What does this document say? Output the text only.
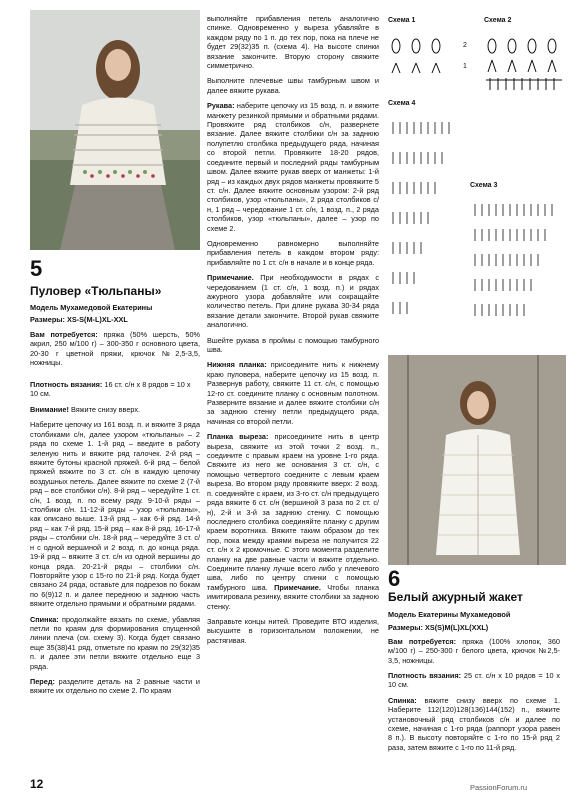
5
Пуловер «Тюльпаны»
Модель Мухамедовой Екатерины
Размеры: XS-S(M-L)XL-XXL
Вам потребуется: пряжа (50% шерсть, 50% акрил, 250 м/100 г) – 300-350 г основного цвета, 20-30 г цветной пряжи, крючок №2,5-3,5, ножницы.
Плотность вязания: 16 ст. с/н х 8 рядов = 10 х 10 см.

Внимание! Вяжите снизу вверх.

Наберите цепочку из 161 возд. п. и вяжите 3 ряда столбиками с/н, далее узором «тюльпаны» – 2 ряда по схеме 1. 1-й ряд – введите в работу зеленую нить и вяжите ряд галочек. 2-й ряд – вяжите бутоны красной пряжей. 6-й ряд – белой пряжей вяжите по 3 ст. с/н в каждую цепочку воздушных петель. Далее вяжите по схеме 2 (7-й ряд – все столбики с/н). 8-й ряд – чередуйте 1 ст. с/н, 1 возд. п. по всему ряду. 9-10-й ряды – столбики с/н. 11-12-й ряды – узор «тюльпаны», как описано выше. 13-й ряд – как 6-й ряд. 14-й ряд – как 7-й ряд. 15-й ряд – как 8-й ряд. 16-17-й ряды – столбики с/н. 18-й ряд – чередуйте 3 ст. с/н с одной вершиной и 2 возд. п. до конца ряда. 19-й ряд – вяжите 3 ст. с/н из одной вершины до конца ряда. 20-21-й ряды – столбики с/н. Повторяйте узор с 15-го по 21-й ряд. Когда будет связано 24 ряда, оставьте для подрезов по бокам по 6(9)12 п. и далее переднюю и заднюю часть вяжите отдельно прямыми и обратными рядами.

Спинка: продолжайте вязать по схеме, убавляя петли по краям для формирования спущенной линии плеча (см. схему 3). Когда будет связано еще 35(38)41 ряд, отметьте по краям по 29(32)35 п. и далее эти петли вяжите отдельно еще 3 ряда.

Перед: разделите деталь на 2 равные части и вяжите их отдельно по схеме 2. По краям

выполняйте прибавления петель аналогично спинке. Одновременно у выреза убавляйте в каждом ряду по 1 п. до тех пор, пока на плече не будет 29(32)35 п. (схема 4). На высоте спинки вязание закончите. Вторую сторону свяжите симметрично.

Выполните плечевые швы тамбурным швом и далее вяжите рукава.

Рукава: наберите цепочку из 15 возд. п. и вяжите манжету резинкой прямыми и обратными рядами. Провяжите ряд столбиков с/н, развернете вязание. Далее вяжите столбики с/н за заднюю полупетлю столбика предыдущего ряда, начиная со второй петли. Провяжите 18-20 рядов, соедините первый и последний ряды тамбурным швом. Далее вяжите рукав вверх от манжеты: 1-й ряд – из каждых двух рядов манжеты провяжите 5 ст. с/н. Далее вяжите основным узором: 2-й ряд столбиков, узор «тюльпаны», 2 ряда столбиков с/н, 1 ряд – чередование 1 ст. с/н, 1 возд. п., 2 ряда столбиков, узор «тюльпаны», далее – узор по схеме 2.

Одновременно равномерно выполняйте прибавления петель в каждом втором ряду: прибавляйте по 1 ст. с/н в начале и в конце ряда.

Примечание. При необходимости в рядах с чередованием (1 ст. с/н, 1 возд. п.) и рядах ажурного узора добавляйте или сокращайте количество петель. При длине рукава 30-34 ряда вязание детали закончите. Второй рукав свяжите аналогично.

Вшейте рукава в проймы с помощью тамбурного шва.

Нижняя планка: присоедините нить к нижнему краю пуловера, наберите цепочку из 15 возд. п. Развернув работу, свяжите 11 ст. с/н, с помощью 12-го ст. соедините планку с основным полотном. Разверните вязание и далее вяжите столбики с/н за заднюю стенку петли предыдущего ряда, начиная со второй петли.

Планка выреза: присоедините нить в центр выреза, свяжите из этой точки 2 возд. п., соедините с правым краем на уровне 1-го ряда. Свяжите из него же основания 3 ст. с/н, с помощью четвертого соедините с левым краем выреза. Во втором ряду провяжите вверх: 2 возд. п. соединяйте с краем, из 3-го ст. с/н предыдущего ряда вяжите 6 ст. с/н (вершиной 3 раза по 2 ст. с/н), 2-й и 3-й за заднюю стенку. С помощью последнего столбика соединяйте планку с другим краем воротника. Вяжите таким образом до тех пор, пока между краями выреза не получится 22 ст. с/н х 2 кромочные. С этого момента разделите планку на две равные части и вяжите отдельно. Соедините планку лучше всего либо у плечевого шва, либо по центру спинки с помощью тамбурного шва. Примечание. Чтобы планка имитировала резинку, вяжите столбики за заднюю стенку.

Заправьте концы нитей. Проведите ВТО изделия, высушите в горизонтальном положении, не растягивая.

Схема 1	Схема 2
Схема 4
Схема 3
2
1
6
Белый ажурный жакет

Модель Екатерины Мухамедовой

Размеры: XS(S)M(L)XL(XXL)

Вам потребуется: пряжа (100% хлопок, 360 м/100 г) – 250-300 г белого цвета, крючок №2,5-3,5, ножницы.

Плотность вязания: 25 ст. с/н х 10 рядов = 10 х 10 см.

Спинка: вяжите снизу вверх по схеме 1. Наберите 112(120)128(136)144(152) п., вяжите установочный ряд столбиков с/н и далее по схеме, начиная с 1-го ряда (раппорт узора равен 8 п.). В высоту повторяйте с 1-го по 15-й ряд 2 раза, затем вяжите с 1-го по 11-й ряд.

12	PassionForum.ru
